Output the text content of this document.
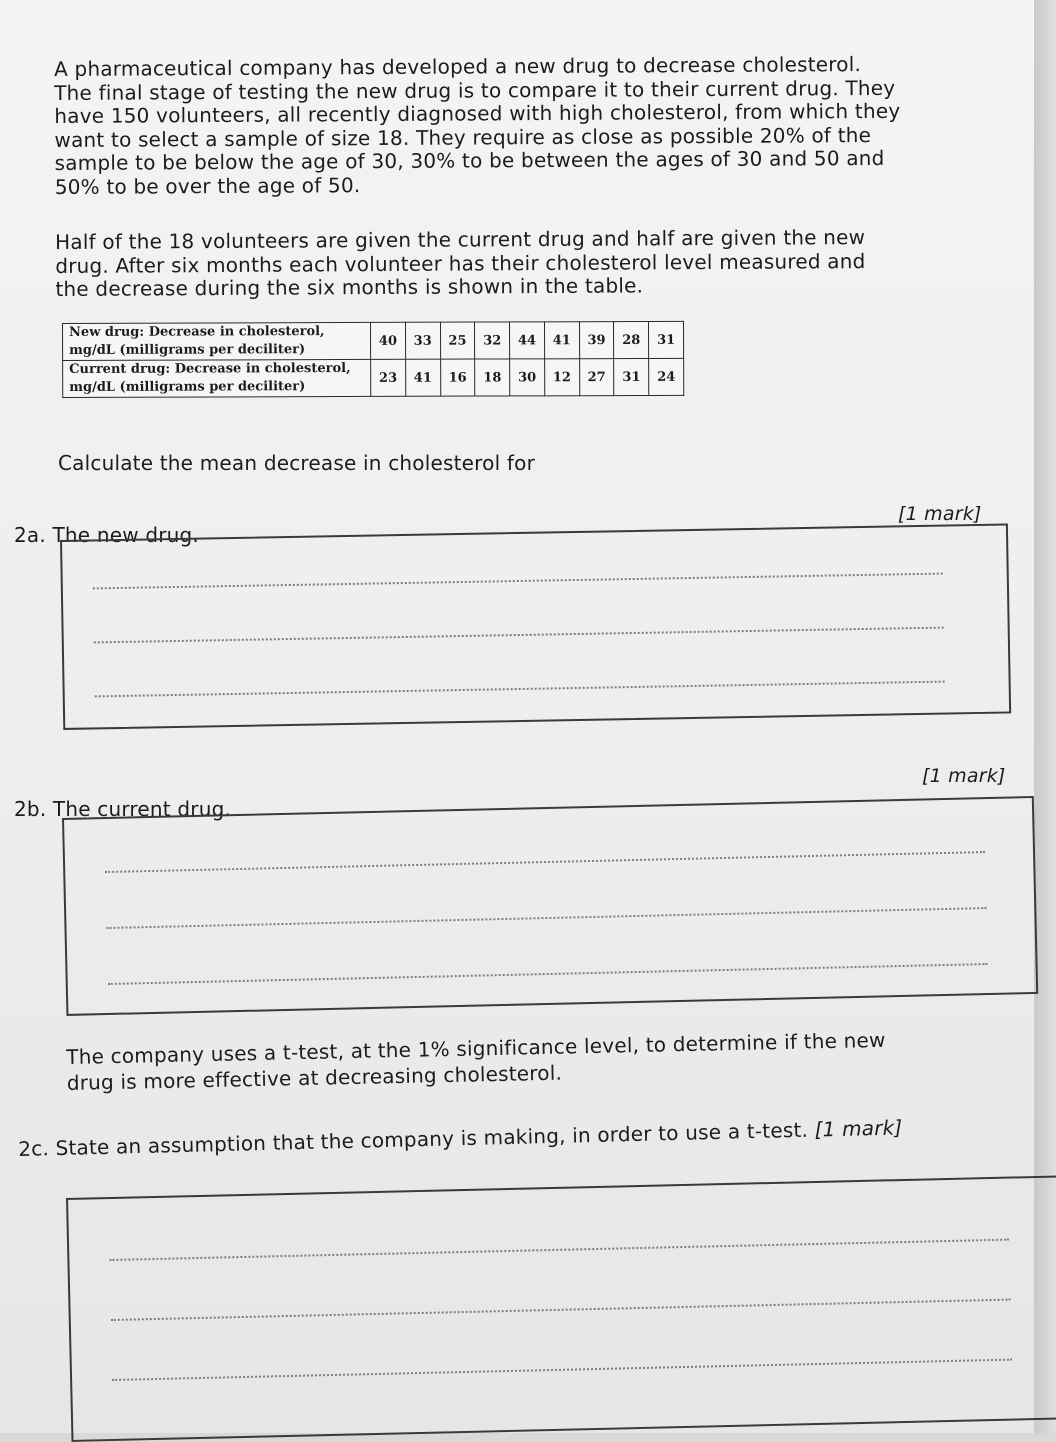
A pharmaceutical company has developed a new drug to decrease cholesterol.
The final stage of testing the new drug is to compare it to their current drug. They
have 150 volunteers, all recently diagnosed with high cholesterol, from which they
want to select a sample of size 18. They require as close as possible 20% of the
sample to be below the age of 30, 30% to be between the ages of 30 and 50 and
50% to be over the age of 50.

Half of the 18 volunteers are given the current drug and half are given the new
drug. After six months each volunteer has their cholesterol level measured and
the decrease during the six months is shown in the table.

New drug: Decrease in cholesterol,
mg/dL (milligrams per deciliter)	40	33	25	32	44	41	39	28	31
Current drug: Decrease in cholesterol,
mg/dL (milligrams per deciliter)	23	41	16	18	30	12	27	31	24
Calculate the mean decrease in cholesterol for
[1 mark]
2a. The new drug.
[1 mark]
2b. The current drug.

The company uses a t-test, at the 1% significance level, to determine if the new
drug is more effective at decreasing cholesterol.

2c. State an assumption that the company is making, in order to use a t-test. [1 mark]
